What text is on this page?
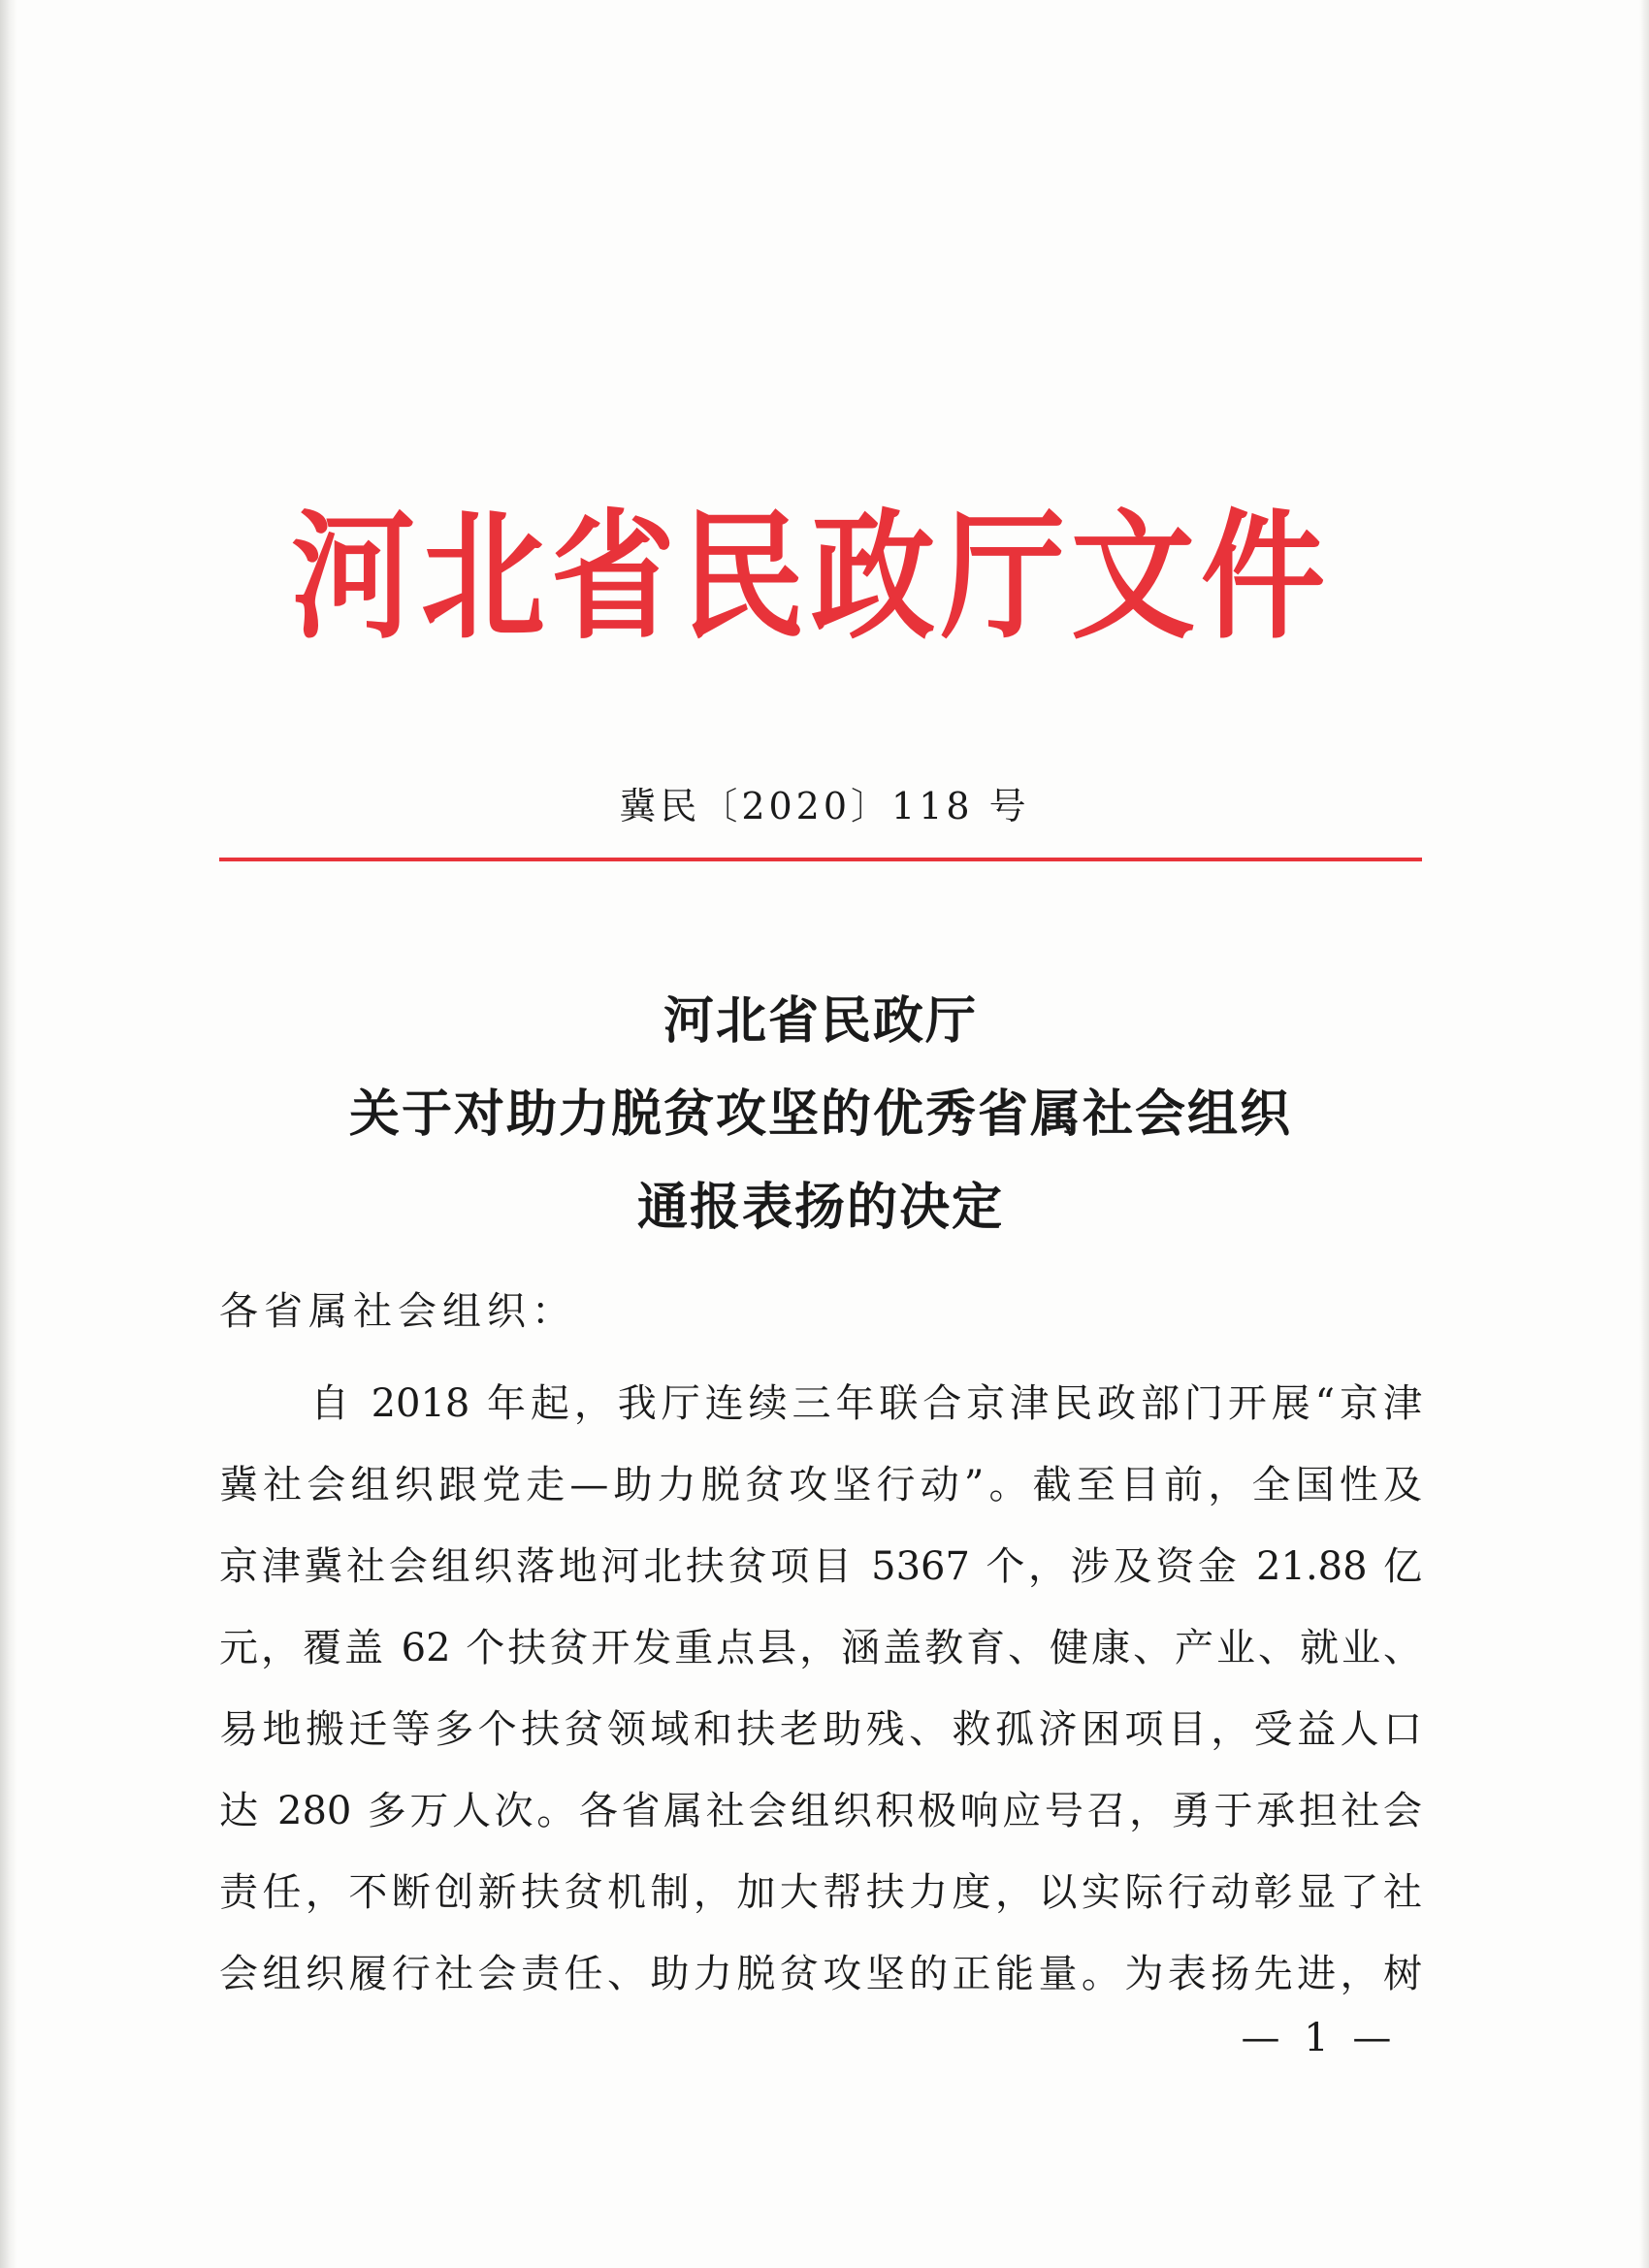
河北省民政厅文件
冀民〔2020〕118 号
河北省民政厅
关于对助力脱贫攻坚的优秀省属社会组织
通报表扬的决定
各省属社会组织：
自 2018 年起，我厅连续三年联合京津民政部门开展“京津
冀社会组织跟党走—助力脱贫攻坚行动”。截至目前，全国性及
京津冀社会组织落地河北扶贫项目 5367 个，涉及资金 21.88 亿
元，覆盖 62 个扶贫开发重点县，涵盖教育、健康、产业、就业、
易地搬迁等多个扶贫领域和扶老助残、救孤济困项目，受益人口
达 280 多万人次。各省属社会组织积极响应号召，勇于承担社会
责任，不断创新扶贫机制，加大帮扶力度，以实际行动彰显了社
会组织履行社会责任、助力脱贫攻坚的正能量。为表扬先进，树
— 1 —
